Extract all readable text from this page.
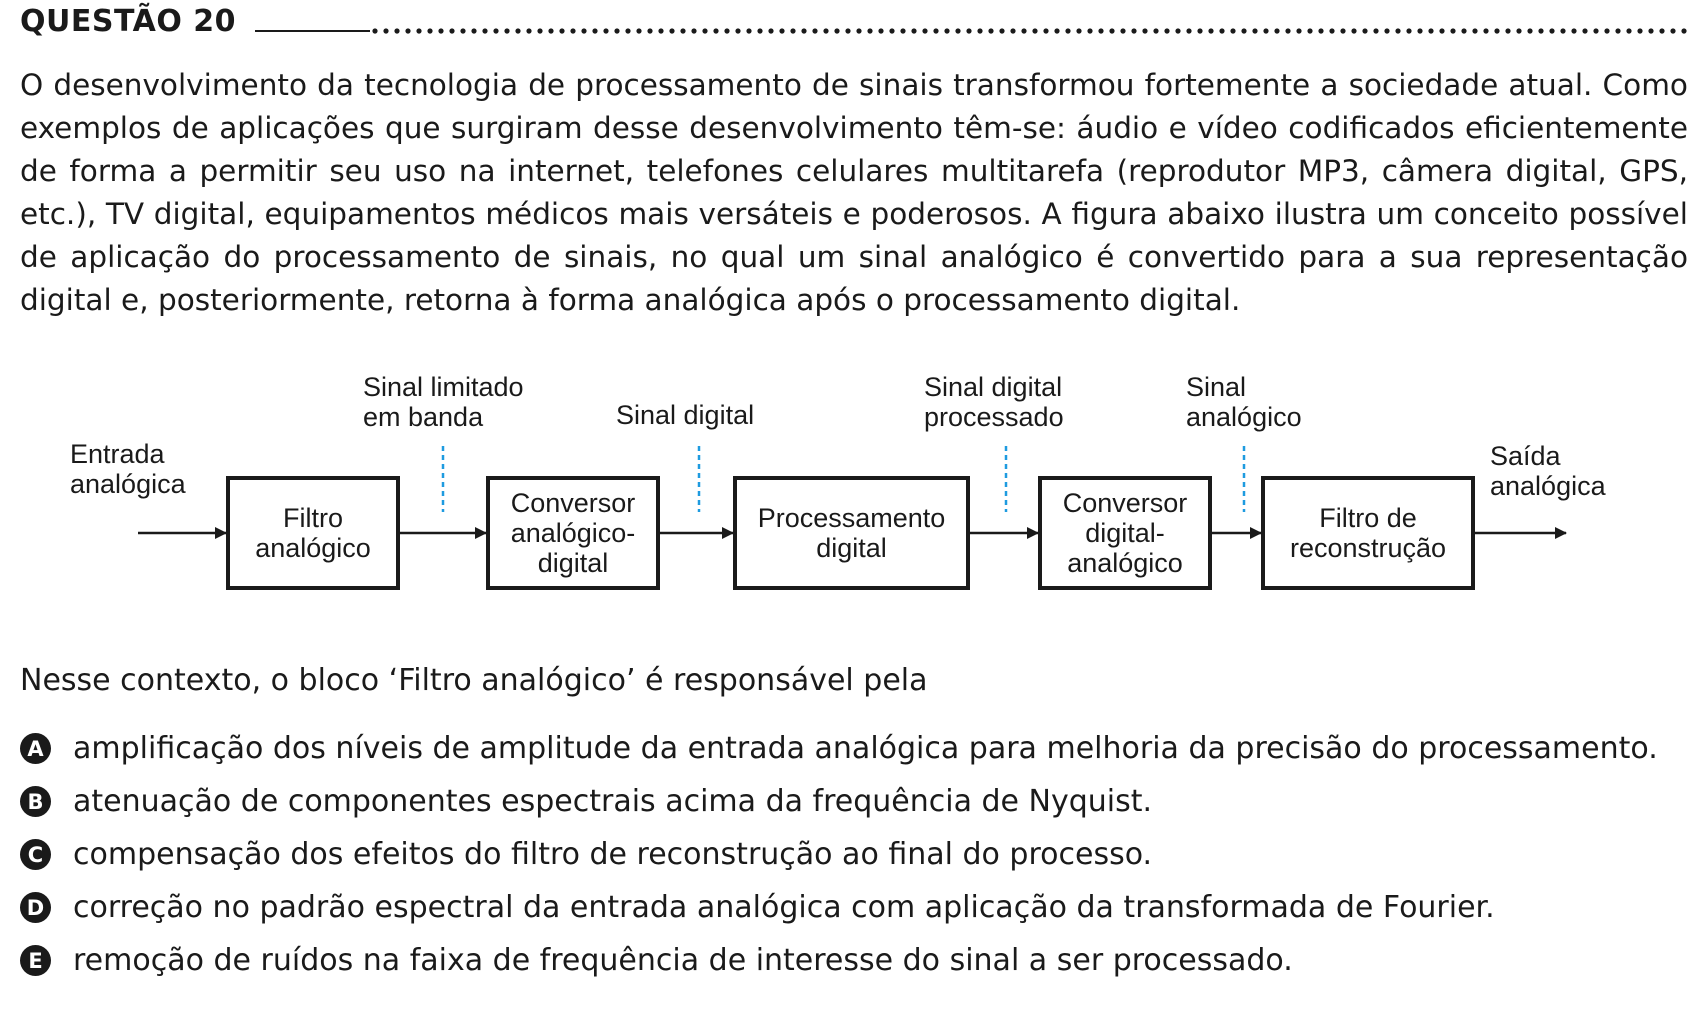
QUESTÃO 20

O desenvolvimento da tecnologia de processamento de sinais transformou fortemente a sociedade atual. Como exemplos de aplicações que surgiram desse desenvolvimento têm-se: áudio e vídeo codificados eficientemente de forma a permitir seu uso na internet, telefones celulares multitarefa (reprodutor MP3, câmera digital, GPS, etc.), TV digital, equipamentos médicos mais versáteis e poderosos. A figura abaixo ilustra um conceito possível de aplicação do processamento de sinais, no qual um sinal analógico é convertido para a sua representação digital e, posteriormente, retorna à forma analógica após o processamento digital.

Filtro
analógico
Conversor
analógico-
digital
Processamento
digital
Conversor
digital-
analógico
Filtro de
reconstrução
Entrada
analógica
Saída
analógica
Sinal limitado
em banda	Sinal digital
Sinal digital
processado
Sinal
analógico

Nesse contexto, o bloco ‘Filtro analógico’ é responsável pela

A amplificação dos níveis de amplitude da entrada analógica para melhoria da precisão do processamento.
B atenuação de componentes espectrais acima da frequência de Nyquist.
C compensação dos efeitos do filtro de reconstrução ao final do processo.
D correção no padrão espectral da entrada analógica com aplicação da transformada de Fourier.
E remoção de ruídos na faixa de frequência de interesse do sinal a ser processado.
